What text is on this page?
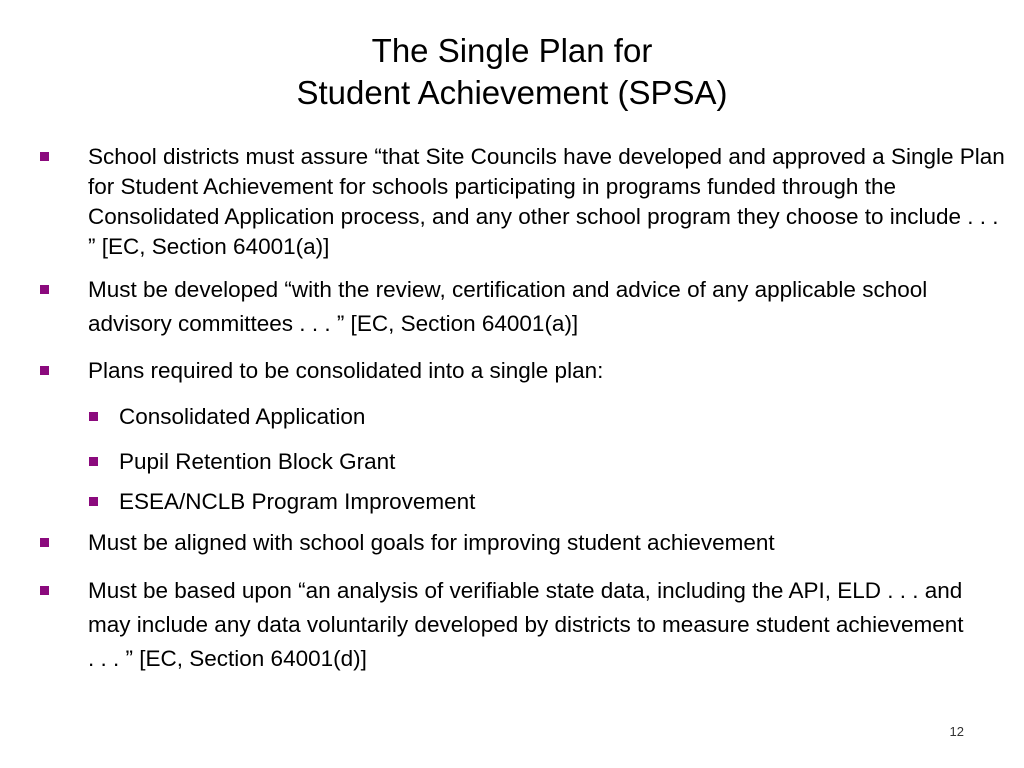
The Single Plan for
Student Achievement (SPSA)
School districts must assure “that Site Councils have developed and approved a Single Plan for Student Achievement for schools participating in programs funded through the Consolidated Application process, and any other school program they choose to include . . . ” [EC, Section 64001(a)]
Must be developed “with the review, certification and advice of any applicable school advisory committees . . . ” [EC, Section 64001(a)]
Plans required to be consolidated into a single plan:
Consolidated Application
Pupil Retention Block Grant
ESEA/NCLB Program Improvement
Must be aligned with school goals for improving student achievement
Must be based upon “an analysis of verifiable state data, including the API, ELD . . . and may include any data voluntarily developed by districts to measure student achievement . . . ” [EC, Section 64001(d)]
12
